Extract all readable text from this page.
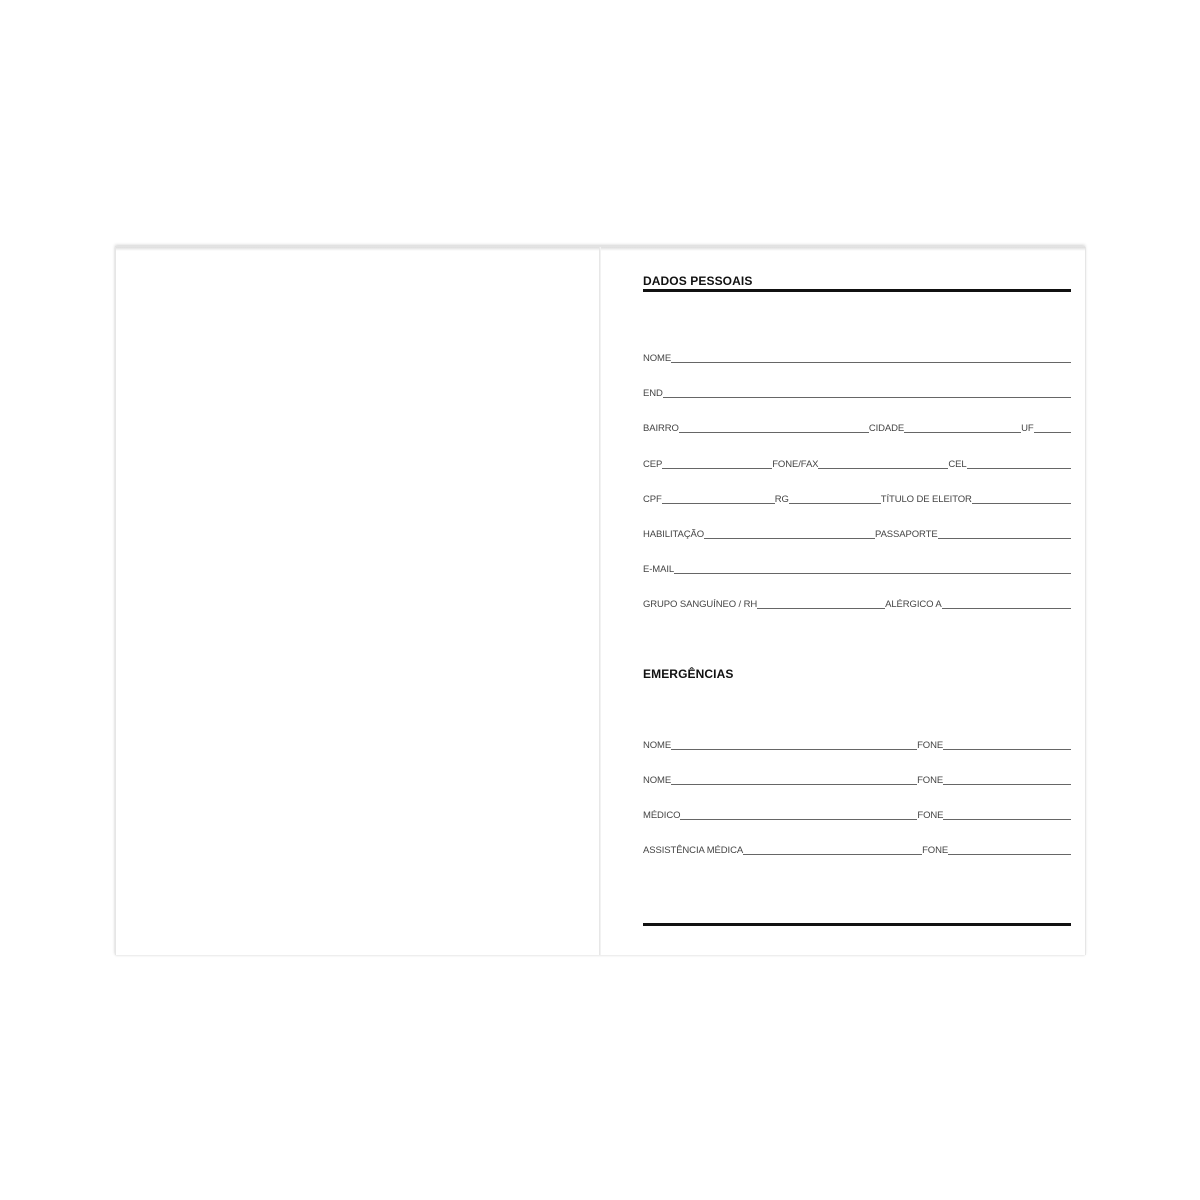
DADOS PESSOAIS
NOME
END
BAIRRO	CIDADE	UF
CEP	FONE/FAX	CEL
CPF	RG	TÍTULO DE ELEITOR
HABILITAÇÃO	PASSAPORTE
E-MAIL
GRUPO SANGUÍNEO / RH	ALÉRGICO A
EMERGÊNCIAS
NOME	FONE
NOME	FONE
MÉDICO	FONE
ASSISTÊNCIA MÉDICA	FONE
